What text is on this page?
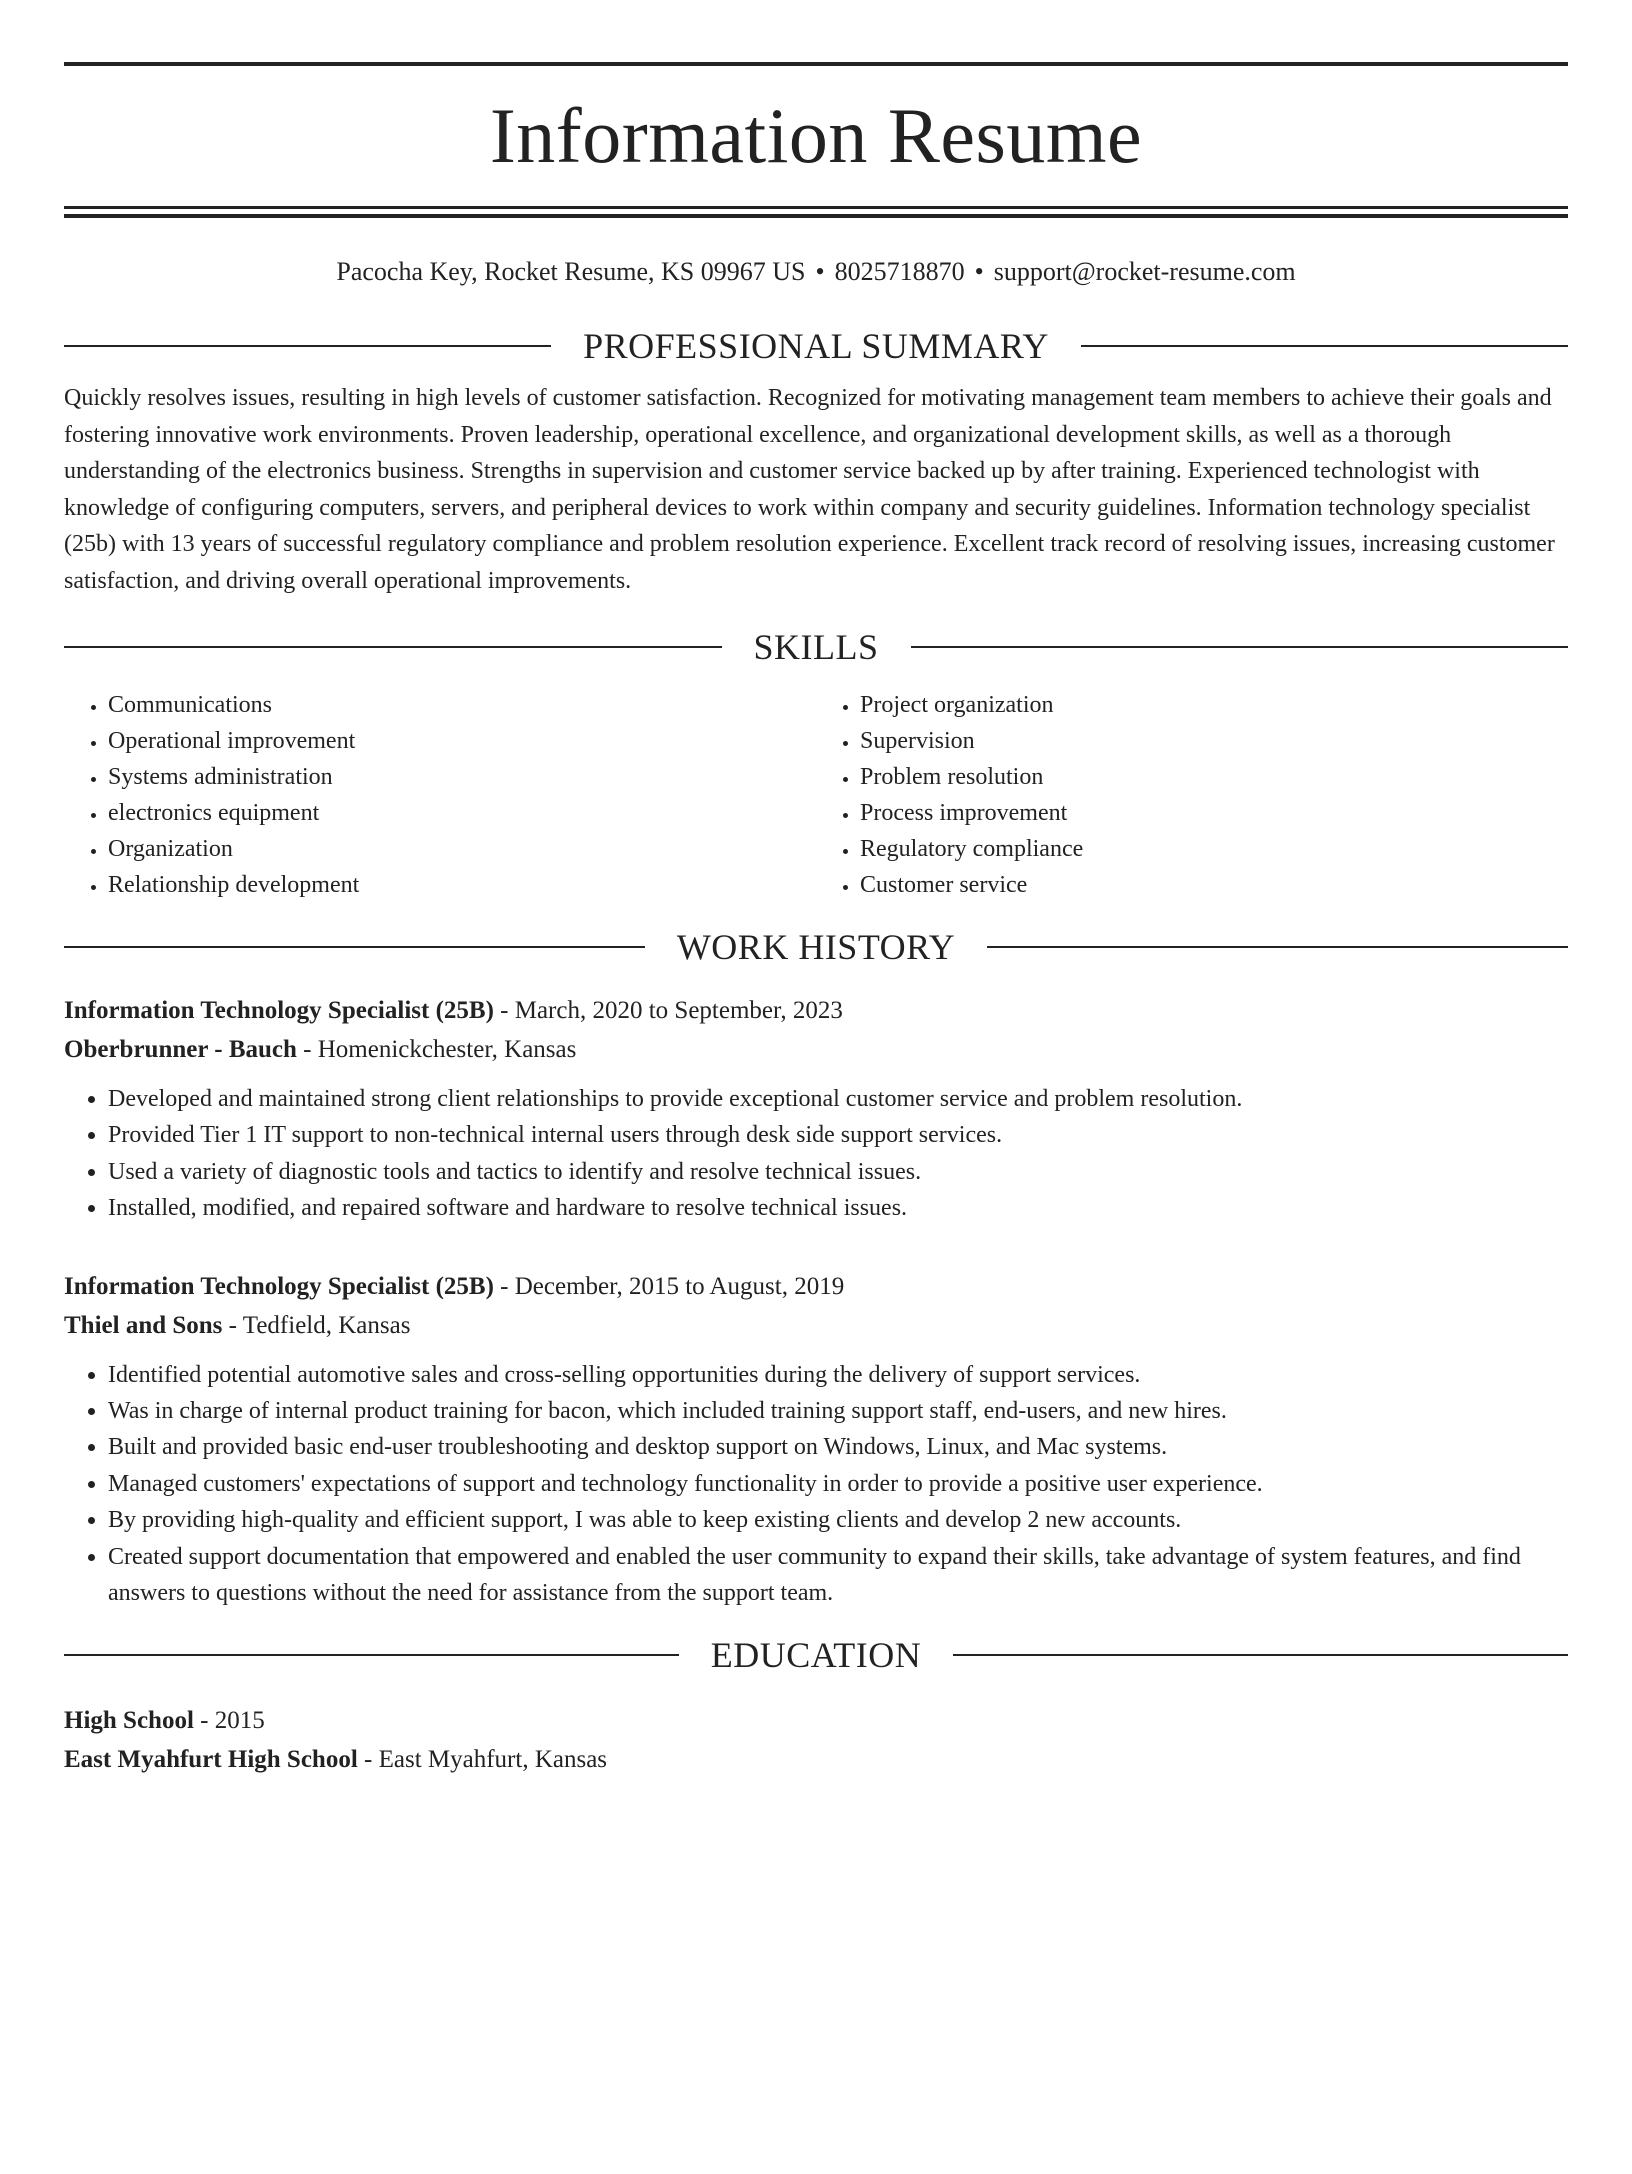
Information Resume
Pacocha Key, Rocket Resume, KS 09967 US • 8025718870 • support@rocket-resume.com
PROFESSIONAL SUMMARY
Quickly resolves issues, resulting in high levels of customer satisfaction. Recognized for motivating management team members to achieve their goals and fostering innovative work environments. Proven leadership, operational excellence, and organizational development skills, as well as a thorough understanding of the electronics business. Strengths in supervision and customer service backed up by after training. Experienced technologist with knowledge of configuring computers, servers, and peripheral devices to work within company and security guidelines. Information technology specialist (25b) with 13 years of successful regulatory compliance and problem resolution experience. Excellent track record of resolving issues, increasing customer satisfaction, and driving overall operational improvements.
SKILLS
• Communications
• Operational improvement
• Systems administration
• electronics equipment
• Organization
• Relationship development
• Project organization
• Supervision
• Problem resolution
• Process improvement
• Regulatory compliance
• Customer service
WORK HISTORY
Information Technology Specialist (25B) - March, 2020 to September, 2023
Oberbrunner - Bauch - Homenickchester, Kansas
• Developed and maintained strong client relationships to provide exceptional customer service and problem resolution.
• Provided Tier 1 IT support to non-technical internal users through desk side support services.
• Used a variety of diagnostic tools and tactics to identify and resolve technical issues.
• Installed, modified, and repaired software and hardware to resolve technical issues.
Information Technology Specialist (25B) - December, 2015 to August, 2019
Thiel and Sons - Tedfield, Kansas
• Identified potential automotive sales and cross-selling opportunities during the delivery of support services.
• Was in charge of internal product training for bacon, which included training support staff, end-users, and new hires.
• Built and provided basic end-user troubleshooting and desktop support on Windows, Linux, and Mac systems.
• Managed customers' expectations of support and technology functionality in order to provide a positive user experience.
• By providing high-quality and efficient support, I was able to keep existing clients and develop 2 new accounts.
• Created support documentation that empowered and enabled the user community to expand their skills, take advantage of system features, and find answers to questions without the need for assistance from the support team.
EDUCATION
High School - 2015
East Myahfurt High School - East Myahfurt, Kansas
